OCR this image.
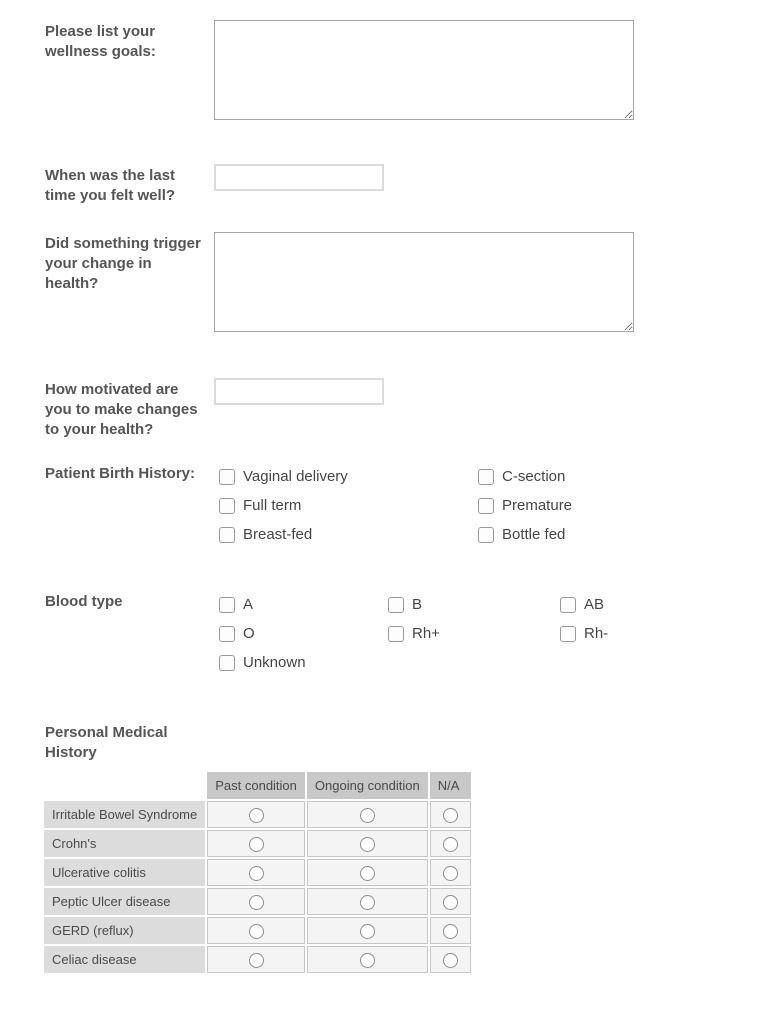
Please list your wellness goals:
When was the last time you felt well?
Did something trigger your change in health?
How motivated are you to make changes to your health?
Patient Birth History:	Vaginal delivery	C-section
Full term	Premature
Breast-fed	Bottle fed
Blood type	A	B	AB
O	Rh+	Rh-
Unknown
Personal Medical History
	Past condition	Ongoing condition	N/A
Irritable Bowel Syndrome			
Crohn's			
Ulcerative colitis			
Peptic Ulcer disease			
GERD (reflux)			
Celiac disease			
